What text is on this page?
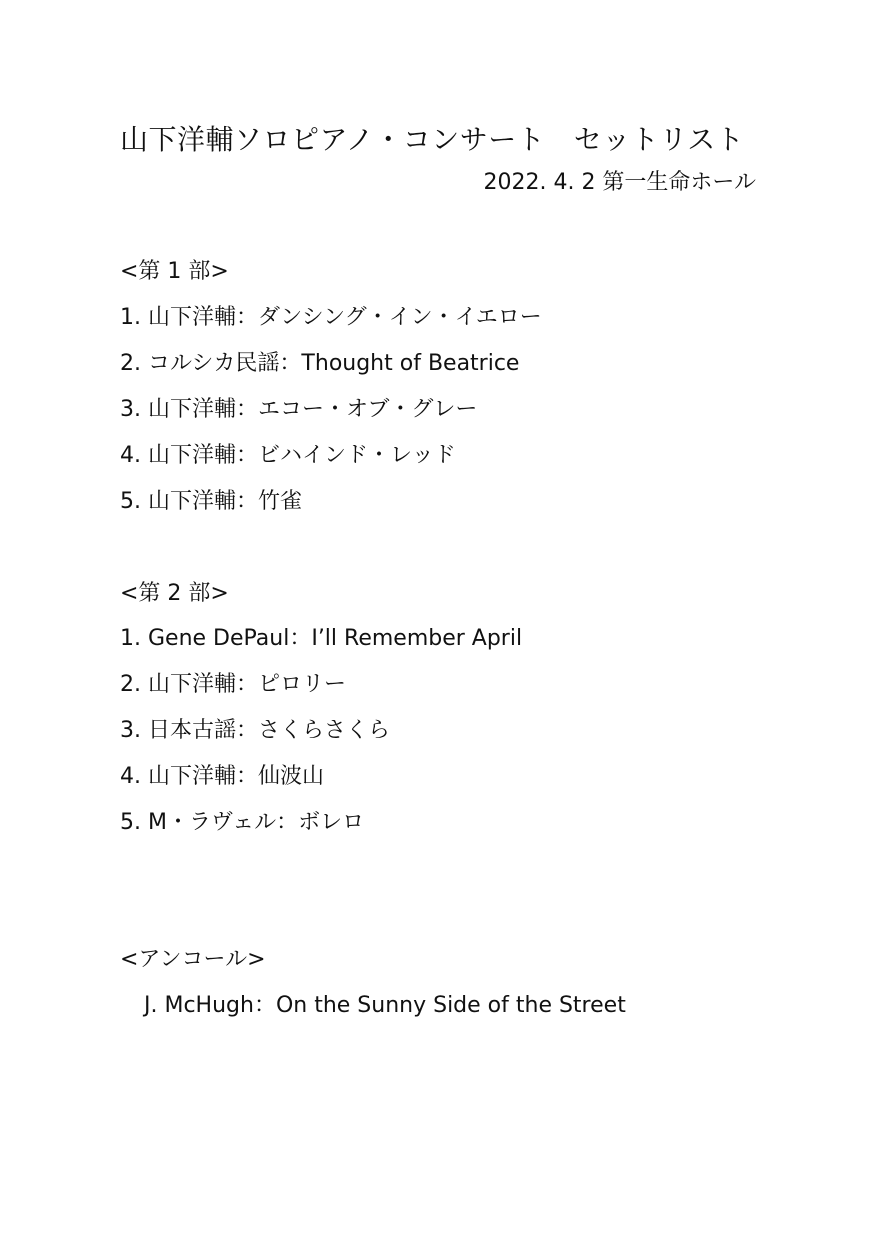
山下洋輔ソロピアノ・コンサート　セットリスト
2022. 4. 2 第一生命ホール
<第 1 部>
1. 山下洋輔：ダンシング・イン・イエロー
2. コルシカ民謡：Thought of Beatrice
3. 山下洋輔：エコー・オブ・グレー
4. 山下洋輔：ビハインド・レッド
5. 山下洋輔：竹雀
<第 2 部>
1. Gene DePaul：I’ll Remember April
2. 山下洋輔：ピロリー
3. 日本古謡：さくらさくら
4. 山下洋輔：仙波山
5. M・ラヴェル：ボレロ
<アンコール>
J. McHugh：On the Sunny Side of the Street
